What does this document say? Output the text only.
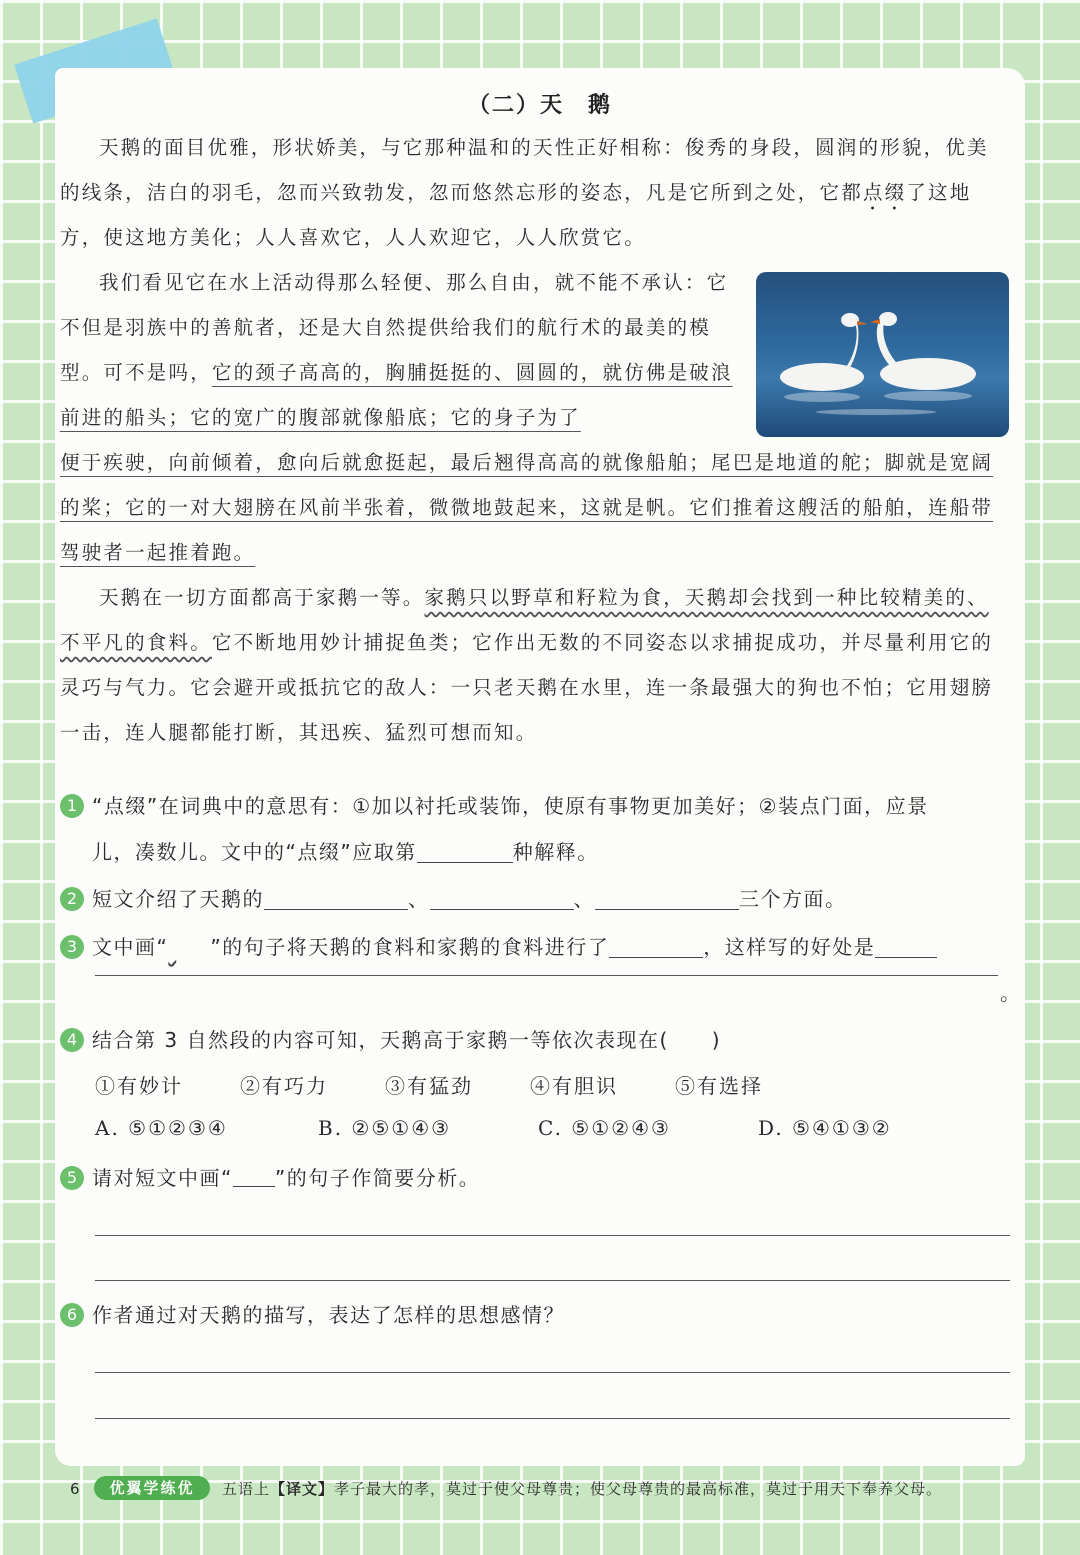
（二）天　鹅

天鹅的面目优雅，形状娇美，与它那种温和的天性正好相称：俊秀的身段，圆润的形貌，优美的线条，洁白的羽毛，忽而兴致勃发，忽而悠然忘形的姿态，凡是它所到之处，它都点缀了这地方，使这地方美化；人人喜欢它，人人欢迎它，人人欣赏它。

我们看见它在水上活动得那么轻便、那么自由，就不能不承认：它不但是羽族中的善航者，还是大自然提供给我们的航行术的最美的模型。可不是吗，它的颈子高高的，胸脯挺挺的、圆圆的，就仿佛是破浪前进的船头；它的宽广的腹部就像船底；它的身子为了

便于疾驶，向前倾着，愈向后就愈挺起，最后翘得高高的就像船舶；尾巴是地道的舵；脚就是宽阔的桨；它的一对大翅膀在风前半张着，微微地鼓起来，这就是帆。它们推着这艘活的船舶，连船带驾驶者一起推着跑。

天鹅在一切方面都高于家鹅一等。家鹅只以野草和籽粒为食，天鹅却会找到一种比较精美的、不平凡的食料。它不断地用妙计捕捉鱼类；它作出无数的不同姿态以求捕捉成功，并尽量利用它的灵巧与气力。它会避开或抵抗它的敌人：一只老天鹅在水里，连一条最强大的狗也不怕；它用翅膀一击，连人腿都能打断，其迅疾、猛烈可想而知。

1 “点缀”在词典中的意思有：①加以衬托或装饰，使原有事物更加美好；②装点门面，应景
儿，凑数儿。文中的“点缀”应取第	种解释。
2 短文介绍了天鹅的	、	、	三个方面。
3 文中画“ ”的句子将天鹅的食料和家鹅的食料进行了	，这样写的好处是
。
4 结合第 3 自然段的内容可知，天鹅高于家鹅一等依次表现在(　　)
①有妙计	②有巧力	③有猛劲	④有胆识	⑤有选择
A. ⑤①②③④	B. ②⑤①④③	C. ⑤①②④③	D. ⑤④①③②
5 请对短文中画“ ”的句子作简要分析。
6 作者通过对天鹅的描写，表达了怎样的思想感情？
6	优翼学练优	五语上【译文】孝子最大的孝，莫过于使父母尊贵；使父母尊贵的最高标准，莫过于用天下奉养父母。
